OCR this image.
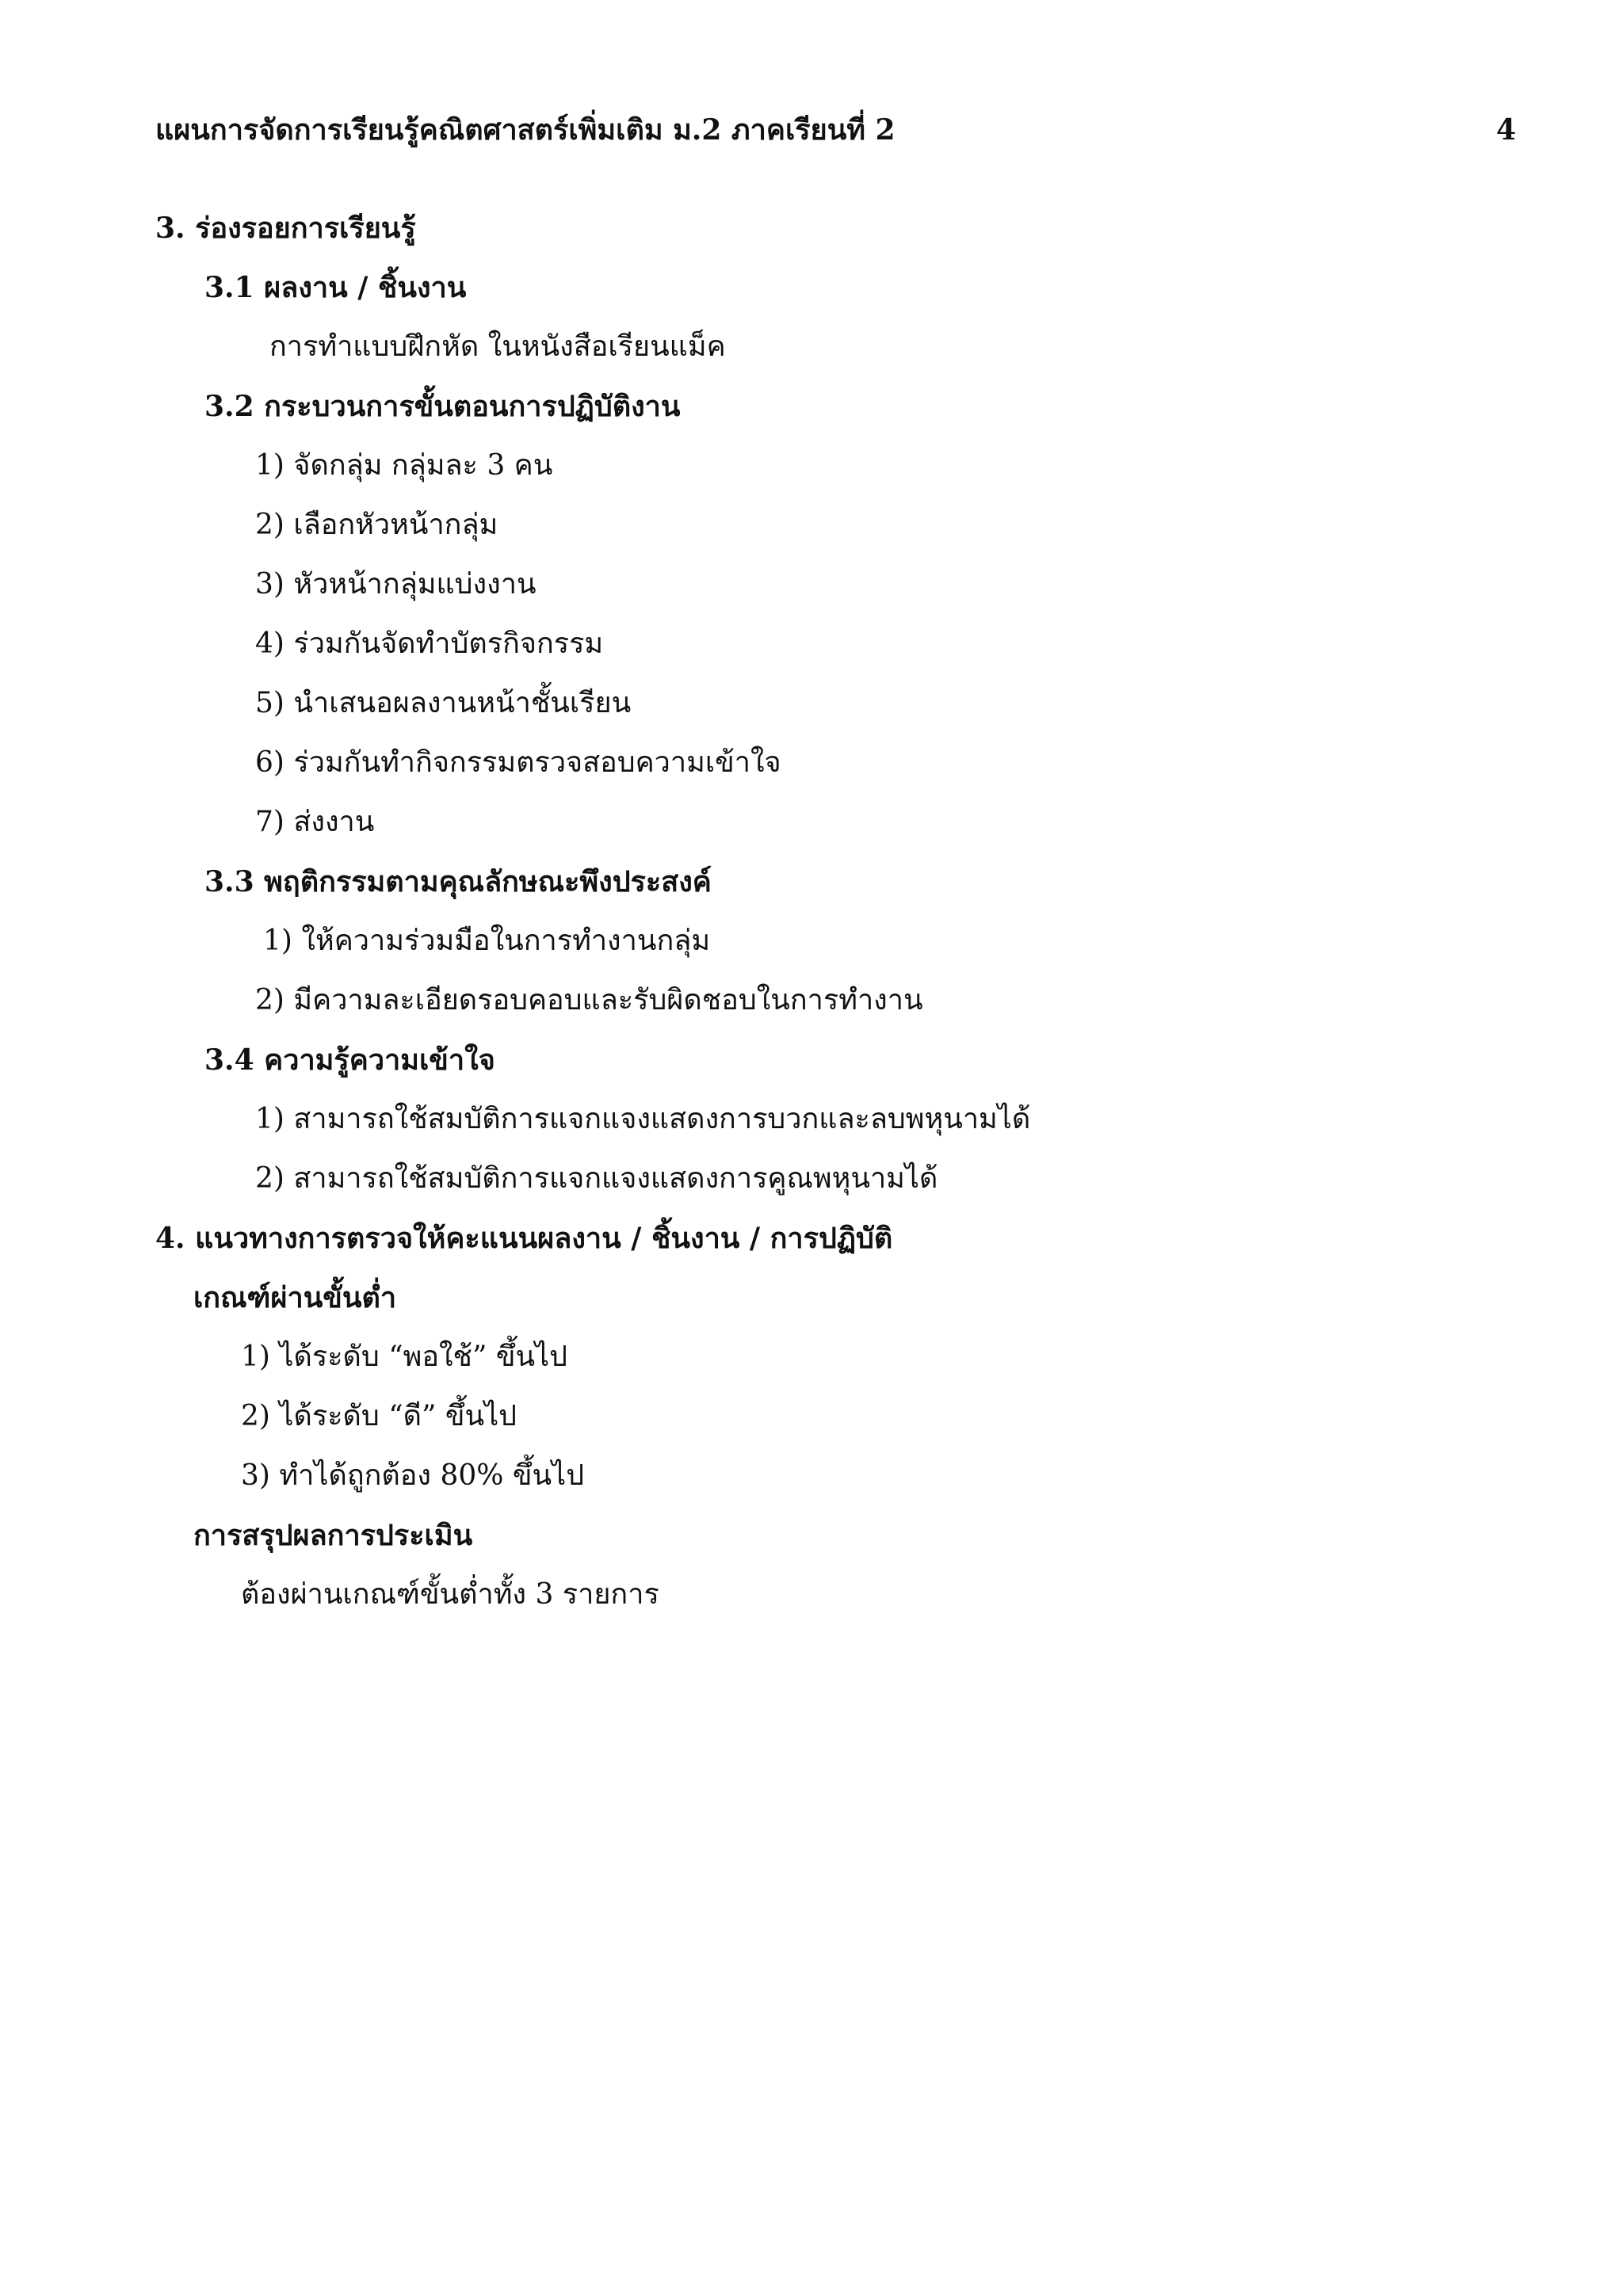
แผนการจัดการเรียนรู้คณิตศาสตร์เพิ่มเติม ม.2 ภาคเรียนที่ 2	4
3. ร่องรอยการเรียนรู้
3.1 ผลงาน / ชิ้นงาน
การทำแบบฝึกหัด ในหนังสือเรียนแม็ค
3.2 กระบวนการขั้นตอนการปฏิบัติงาน
1) จัดกลุ่ม กลุ่มละ 3 คน
2) เลือกหัวหน้ากลุ่ม
3) หัวหน้ากลุ่มแบ่งงาน
4) ร่วมกันจัดทำบัตรกิจกรรม
5) นำเสนอผลงานหน้าชั้นเรียน
6) ร่วมกันทำกิจกรรมตรวจสอบความเข้าใจ
7) ส่งงาน
3.3 พฤติกรรมตามคุณลักษณะพึงประสงค์
1) ให้ความร่วมมือในการทำงานกลุ่ม
2) มีความละเอียดรอบคอบและรับผิดชอบในการทำงาน
3.4 ความรู้ความเข้าใจ
1) สามารถใช้สมบัติการแจกแจงแสดงการบวกและลบพหุนามได้
2) สามารถใช้สมบัติการแจกแจงแสดงการคูณพหุนามได้
4. แนวทางการตรวจให้คะแนนผลงาน / ชิ้นงาน / การปฏิบัติ
เกณฑ์ผ่านขั้นต่ำ
1) ได้ระดับ “พอใช้” ขึ้นไป
2) ได้ระดับ “ดี” ขึ้นไป
3) ทำได้ถูกต้อง 80% ขึ้นไป
การสรุปผลการประเมิน
ต้องผ่านเกณฑ์ขั้นต่ำทั้ง 3 รายการ
